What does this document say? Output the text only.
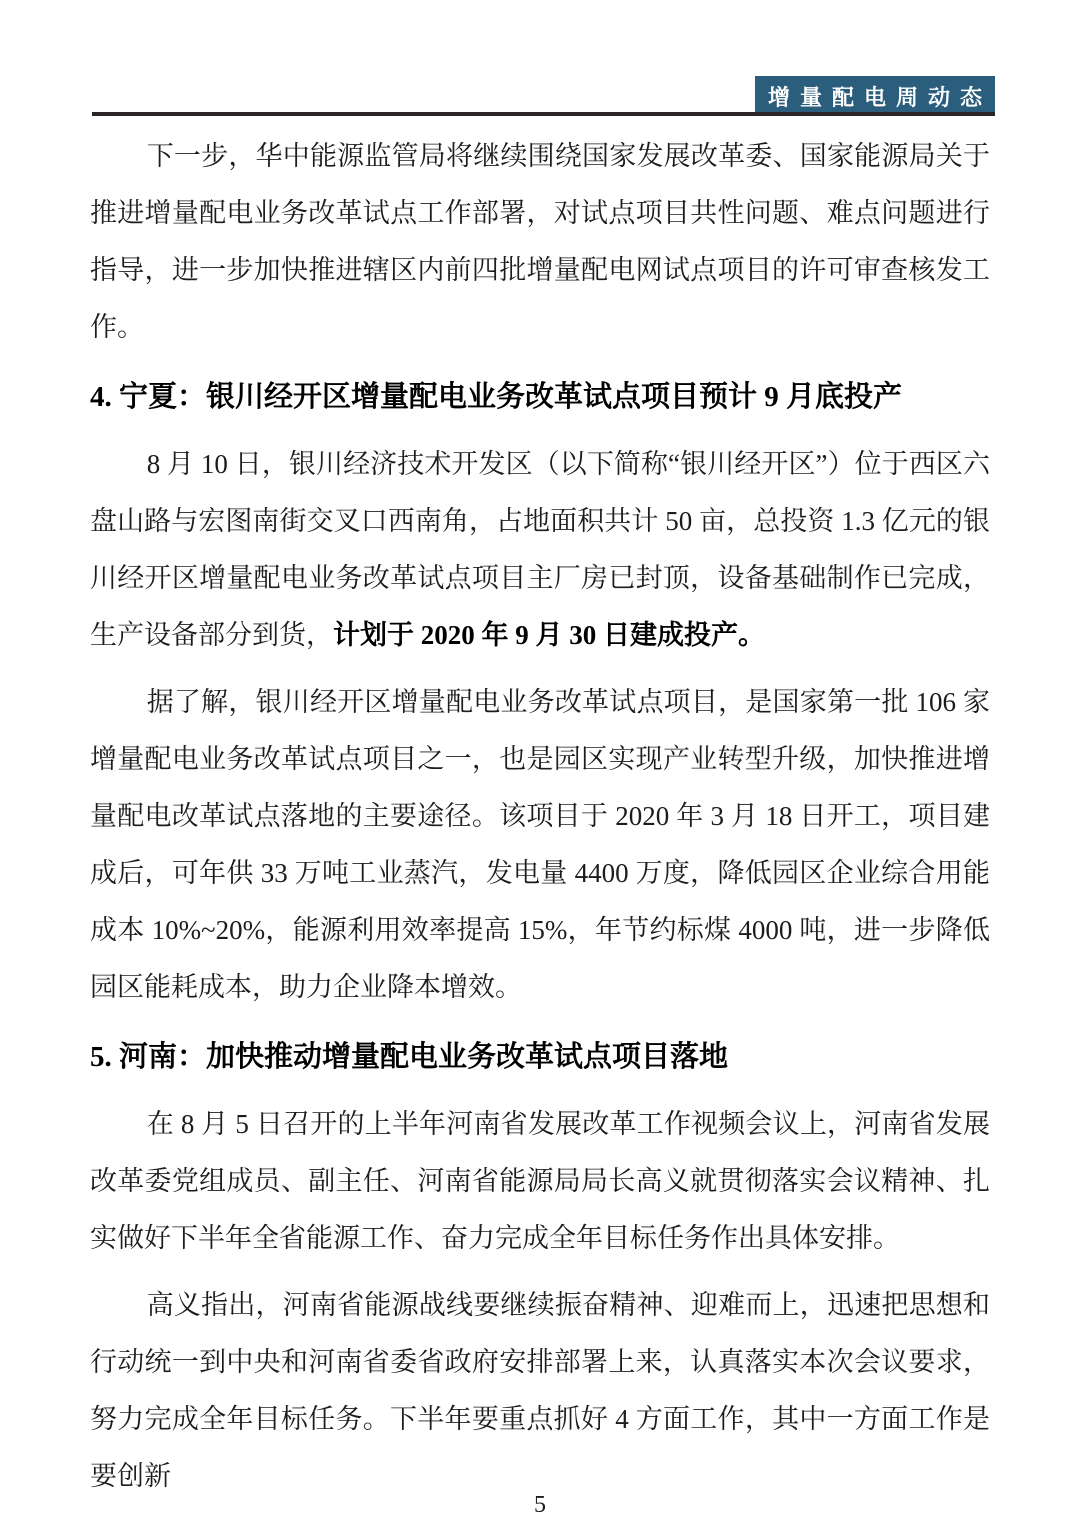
增量配电周动态

下一步，华中能源监管局将继续围绕国家发展改革委、国家能源局关于推进增量配电业务改革试点工作部署，对试点项目共性问题、难点问题进行指导，进一步加快推进辖区内前四批增量配电网试点项目的许可审查核发工作。

4. 宁夏：银川经开区增量配电业务改革试点项目预计 9 月底投产

8 月 10 日，银川经济技术开发区（以下简称“银川经开区”）位于西区六盘山路与宏图南街交叉口西南角，占地面积共计 50 亩，总投资 1.3 亿元的银川经开区增量配电业务改革试点项目主厂房已封顶，设备基础制作已完成，生产设备部分到货，计划于 2020 年 9 月 30 日建成投产。

据了解，银川经开区增量配电业务改革试点项目，是国家第一批 106 家增量配电业务改革试点项目之一，也是园区实现产业转型升级，加快推进增量配电改革试点落地的主要途径。该项目于 2020 年 3 月 18 日开工，项目建成后，可年供 33 万吨工业蒸汽，发电量 4400 万度，降低园区企业综合用能成本 10%~20%，能源利用效率提高 15%，年节约标煤 4000 吨，进一步降低园区能耗成本，助力企业降本增效。

5. 河南：加快推动增量配电业务改革试点项目落地

在 8 月 5 日召开的上半年河南省发展改革工作视频会议上，河南省发展改革委党组成员、副主任、河南省能源局局长高义就贯彻落实会议精神、扎实做好下半年全省能源工作、奋力完成全年目标任务作出具体安排。

高义指出，河南省能源战线要继续振奋精神、迎难而上，迅速把思想和行动统一到中央和河南省委省政府安排部署上来，认真落实本次会议要求，努力完成全年目标任务。下半年要重点抓好 4 方面工作，其中一方面工作是要创新

5
